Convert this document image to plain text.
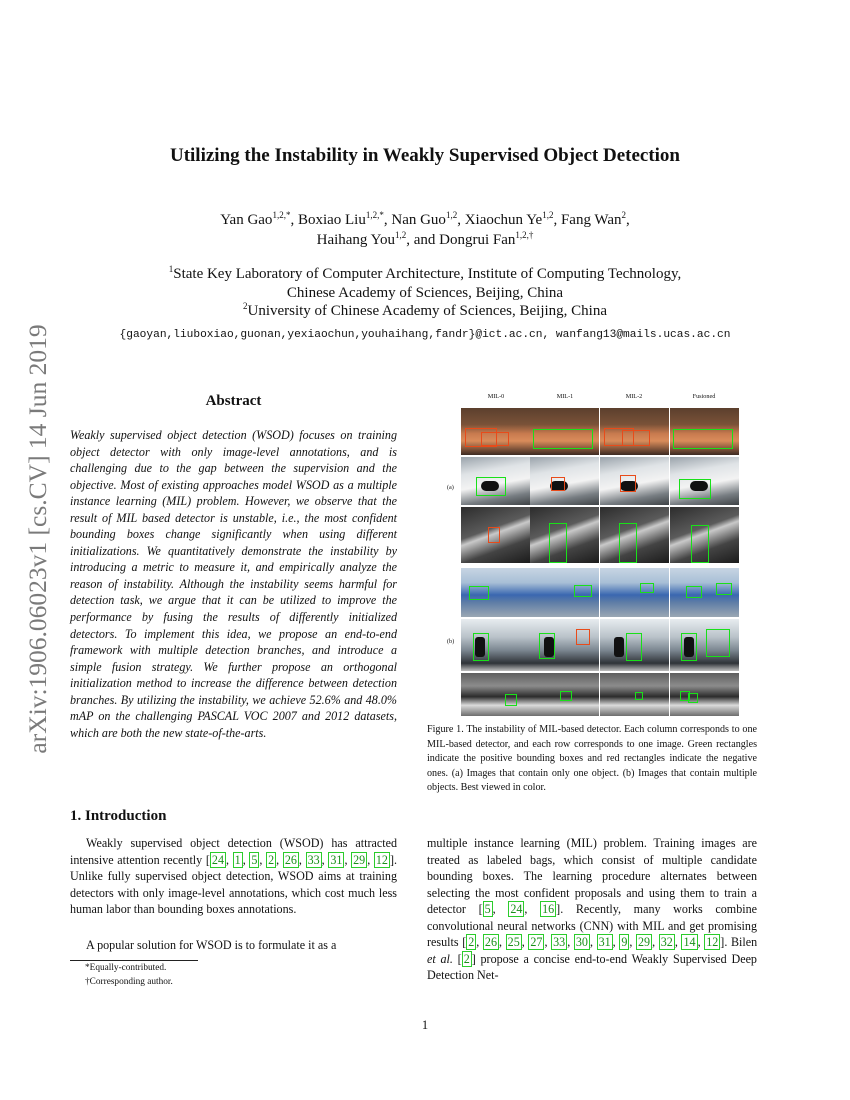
Utilizing the Instability in Weakly Supervised Object Detection
Yan Gao$^{1,2,*}$, Boxiao Liu$^{1,2,*}$, Nan Guo$^{1,2}$, Xiaochun Ye$^{1,2}$, Fang Wan$^2$,
Haihang You$^{1,2}$, and Dongrui Fan$^{1,2,\dagger}$
$^1$State Key Laboratory of Computer Architecture, Institute of Computing Technology,
Chinese Academy of Sciences, Beijing, China
$^2$University of Chinese Academy of Sciences, Beijing, China
{gaoyan,liuboxiao,guonan,yexiaochun,youhaihang,fandr}@ict.ac.cn, wanfang13@mails.ucas.ac.cn
arXiv:1906.06023v1 [cs.CV] 14 Jun 2019	Abstract
Weakly supervised object detection (WSOD) focuses on training object detector with only image-level annotations, and is challenging due to the gap between the supervision and the objective. Most of existing approaches model WSOD as a multiple instance learning (MIL) problem. However, we observe that the result of MIL based detector is unstable, i.e., the most confident bounding boxes change significantly when using different initializations. We quantitatively demonstrate the instability by introducing a metric to measure it, and empirically analyze the reason of instability. Although the instability seems harmful for detection task, we argue that it can be utilized to improve the performance by fusing the results of differently initialized detectors. To implement this idea, we propose an end-to-end framework with multiple detection branches, and introduce a simple fusion strategy. We further propose an orthogonal initialization method to increase the difference between detection branches. By utilizing the instability, we achieve 52.6% and 48.0% mAP on the challenging PASCAL VOC 2007 and 2012 datasets, which are both the new state-of-the-arts.
1. Introduction
Weakly supervised object detection (WSOD) has attracted intensive attention recently [ 24 , 1 , 5 , 2 , 26 , 33 , 31 , 29 , 12 ]. Unlike fully supervised object detection, WSOD aims at training detectors with only image-level annotations, which cost much less human labor than bounding boxes annotations.
A popular solution for WSOD is to formulate it as a
*Equally-contributed.
†Corresponding author.
MIL-0	MIL-1	MIL-2	Fusioned
(a)
(b)
Figure 1. The instability of MIL-based detector. Each column corresponds to one MIL-based detector, and each row corresponds to one image. Green rectangles indicate the positive bounding boxes and red rectangles indicate the negative ones. (a) Images that contain only one object. (b) Images that contain multiple objects. Best viewed in color.
multiple instance learning (MIL) problem. Training images are treated as labeled bags, which consist of multiple candidate bounding boxes. The learning procedure alternates between selecting the most confident proposals and using them to train a detector [ 5 , 24 , 16 ]. Recently, many works combine convolutional neural networks (CNN) with MIL and get promising results [ 2 , 26 , 25 , 27 , 33 , 30 , 31 , 9 , 29 , 32 , 14 , 12 ]. Bilen et al. [ 2 ] propose a concise end-to-end Weakly Supervised Deep Detection Net-
1
